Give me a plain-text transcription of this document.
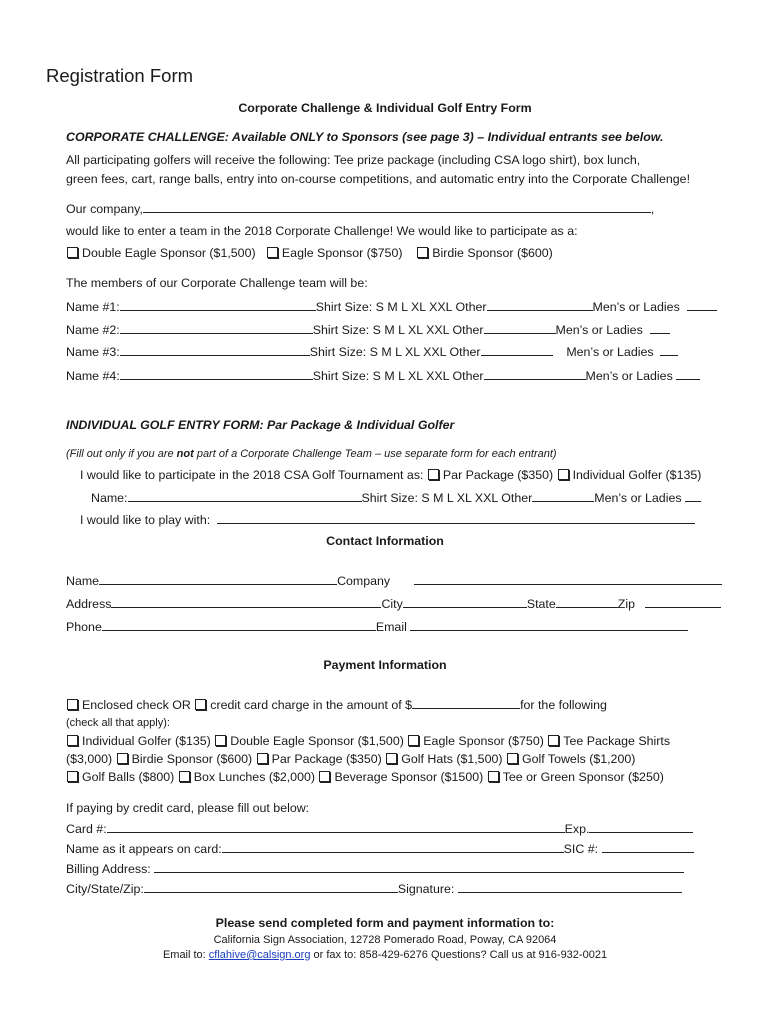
Registration Form
Corporate Challenge & Individual Golf Entry Form
CORPORATE CHALLENGE: Available ONLY to Sponsors (see page 3) – Individual entrants see below.
All participating golfers will receive the following: Tee prize package (including CSA logo shirt), box lunch,
green fees, cart, range balls, entry into on-course competitions, and automatic entry into the Corporate Challenge!
Our company,	,
would like to enter a team in the 2018 Corporate Challenge! We would like to participate as a:
Double Eagle Sponsor ($1,500) Eagle Sponsor ($750) Birdie Sponsor ($600)
The members of our Corporate Challenge team will be:
Name #1:	Shirt Size: S M L XL XXL Other	Men’s or Ladies
Name #2:	Shirt Size: S M L XL XXL Other	Men’s or Ladies
Name #3:	Shirt Size: S M L XL XXL Other	Men’s or Ladies
Name #4:	Shirt Size: S M L XL XXL Other	Men’s or Ladies
INDIVIDUAL GOLF ENTRY FORM: Par Package & Individual Golfer
(Fill out only if you are not part of a Corporate Challenge Team – use separate form for each entrant)
I would like to participate in the 2018 CSA Golf Tournament as: Par Package ($350) Individual Golfer ($135)
Name:	Shirt Size: S M L XL XXL Other	Men’s or Ladies
I would like to play with:
Contact Information
Name	Company
Address	City	State	Zip
Phone	Email
Payment Information
Enclosed check OR credit card charge in the amount of $	for the following
(check all that apply):
Individual Golfer ($135) Double Eagle Sponsor ($1,500) Eagle Sponsor ($750) Tee Package Shirts
($3,000) Birdie Sponsor ($600) Par Package ($350) Golf Hats ($1,500) Golf Towels ($1,200)
Golf Balls ($800) Box Lunches ($2,000) Beverage Sponsor ($1500) Tee or Green Sponsor ($250)
If paying by credit card, please fill out below:
Card #:	Exp.
Name as it appears on card:	SIC #:
Billing Address:
City/State/Zip:	Signature:
Please send completed form and payment information to:
California Sign Association, 12728 Pomerado Road, Poway, CA 92064
Email to: cflahive@calsign.org or fax to: 858-429-6276 Questions? Call us at 916-932-0021
